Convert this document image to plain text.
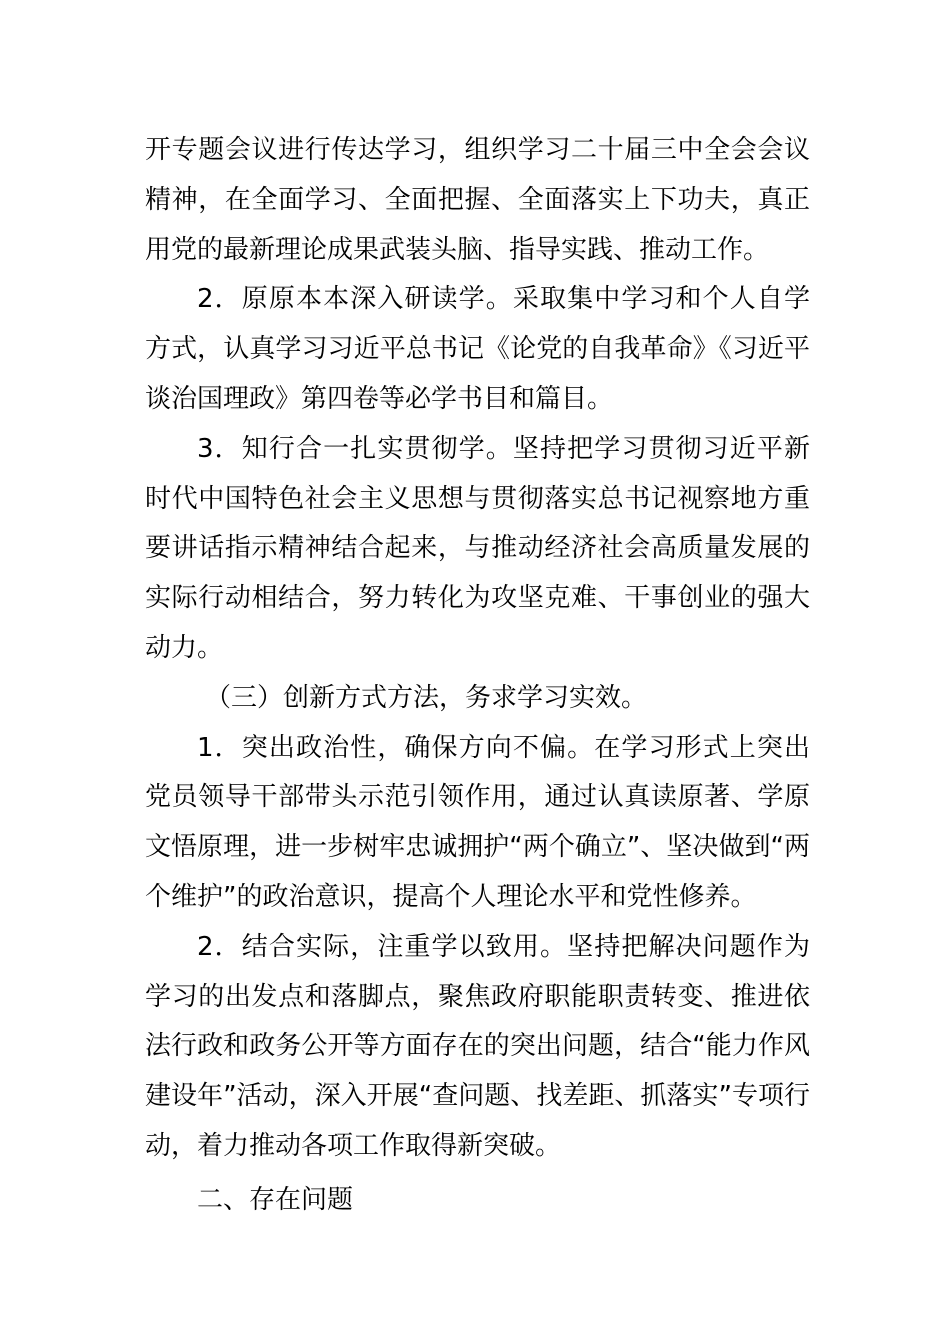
开专题会议进行传达学习，组织学习二十届三中全会会议精神，在全面学习、全面把握、全面落实上下功夫，真正用党的最新理论成果武装头脑、指导实践、推动工作。

2．原原本本深入研读学。采取集中学习和个人自学方式，认真学习习近平总书记《论党的自我革命》《习近平谈治国理政》第四卷等必学书目和篇目。

3．知行合一扎实贯彻学。坚持把学习贯彻习近平新时代中国特色社会主义思想与贯彻落实总书记视察地方重要讲话指示精神结合起来，与推动经济社会高质量发展的实际行动相结合，努力转化为攻坚克难、干事创业的强大动力。

（三）创新方式方法，务求学习实效。

1．突出政治性，确保方向不偏。在学习形式上突出党员领导干部带头示范引领作用，通过认真读原著、学原文悟原理，进一步树牢忠诚拥护“两个确立”、坚决做到“两个维护”的政治意识，提高个人理论水平和党性修养。

2．结合实际，注重学以致用。坚持把解决问题作为学习的出发点和落脚点，聚焦政府职能职责转变、推进依法行政和政务公开等方面存在的突出问题，结合“能力作风建设年”活动，深入开展“查问题、找差距、抓落实”专项行动，着力推动各项工作取得新突破。

二、存在问题
